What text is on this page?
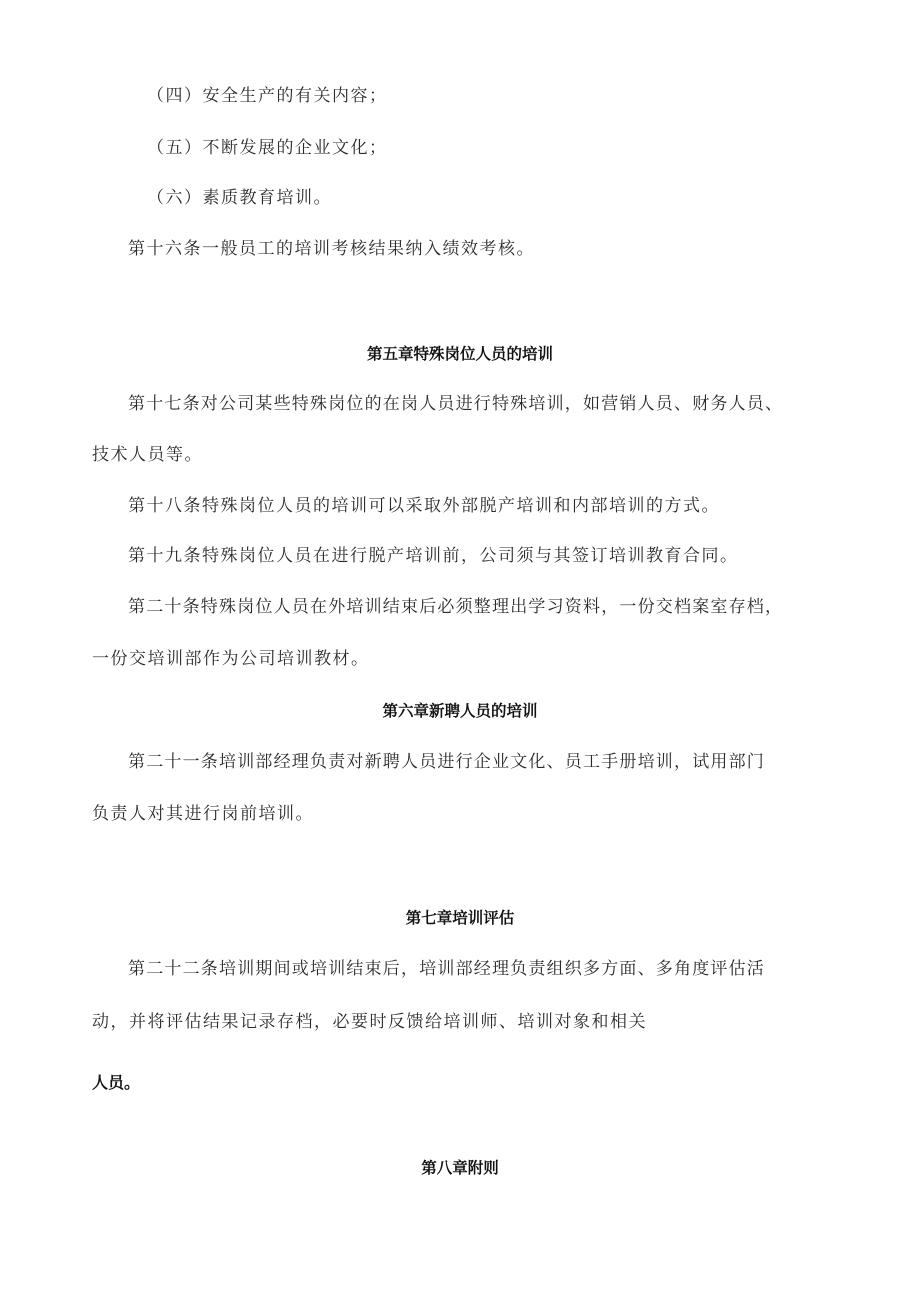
（四）安全生产的有关内容；
（五）不断发展的企业文化；
（六）素质教育培训。
第十六条一般员工的培训考核结果纳入绩效考核。
第五章特殊岗位人员的培训
第十七条对公司某些特殊岗位的在岗人员进行特殊培训，如营销人员、财务人员、
技术人员等。
第十八条特殊岗位人员的培训可以采取外部脱产培训和内部培训的方式。
第十九条特殊岗位人员在进行脱产培训前，公司须与其签订培训教育合同。
第二十条特殊岗位人员在外培训结束后必须整理出学习资料，一份交档案室存档，
一份交培训部作为公司培训教材。
第六章新聘人员的培训
第二十一条培训部经理负责对新聘人员进行企业文化、员工手册培训，试用部门
负责人对其进行岗前培训。
第七章培训评估
第二十二条培训期间或培训结束后，培训部经理负责组织多方面、多角度评估活
动，并将评估结果记录存档，必要时反馈给培训师、培训对象和相关
人员。
第八章附则
